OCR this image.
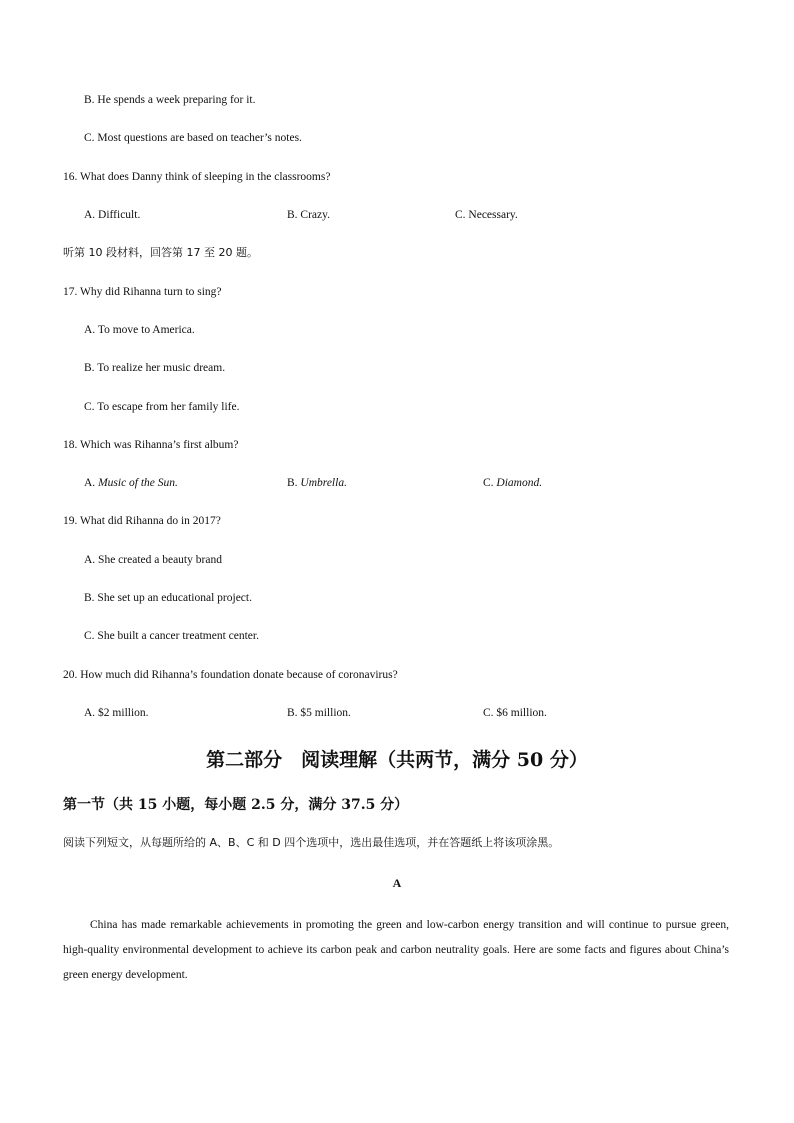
B. He spends a week preparing for it.
C. Most questions are based on teacher’s notes.
16. What does Danny think of sleeping in the classrooms?
A. Difficult.	B. Crazy.	C. Necessary.
听第 10 段材料，回答第 17 至 20 题。
17. Why did Rihanna turn to sing?
A. To move to America.
B. To realize her music dream.
C. To escape from her family life.
18. Which was Rihanna’s first album?
A. Music of the Sun.	B. Umbrella.	C. Diamond.
19. What did Rihanna do in 2017?
A. She created a beauty brand
B. She set up an educational project.
C. She built a cancer treatment center.
20. How much did Rihanna’s foundation donate because of coronavirus?
A. $2 million.	B. $5 million.	C. $6 million.
第二部分　阅读理解（共两节，满分 50 分）
第一节（共 15 小题，每小题 2.5 分，满分 37.5 分）
阅读下列短文，从每题所给的 A、B、C 和 D 四个选项中，选出最佳选项，并在答题纸上将该项涂黑。
A
China has made remarkable achievements in promoting the green and low-carbon energy transition and will continue to pursue green, high-quality environmental development to achieve its carbon peak and carbon neutrality goals. Here are some facts and figures about China’s green energy development.
